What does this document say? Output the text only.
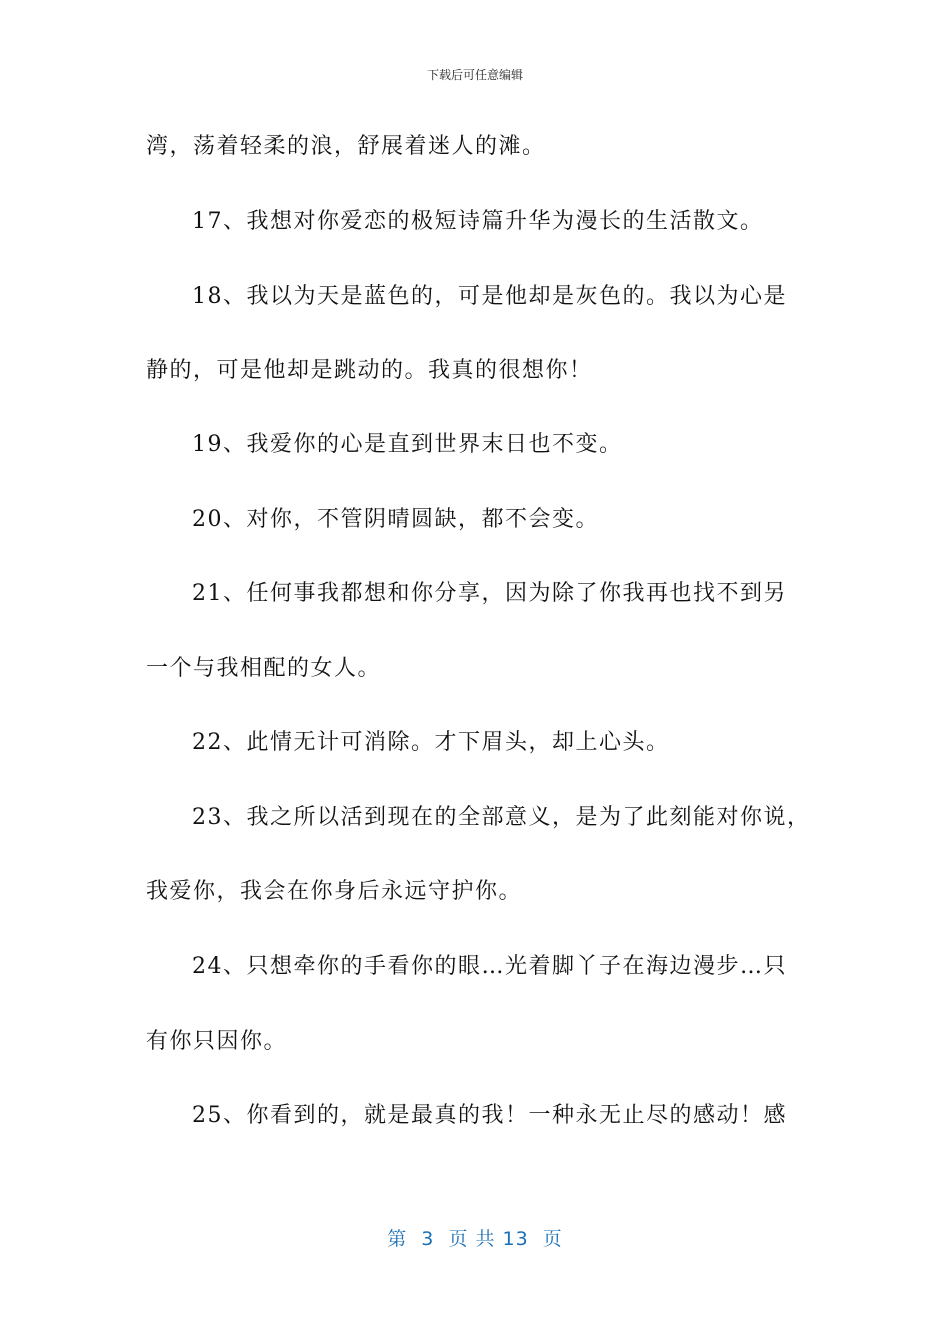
下载后可任意编辑
湾，荡着轻柔的浪，舒展着迷人的滩。
17、我想对你爱恋的极短诗篇升华为漫长的生活散文。
18、我以为天是蓝色的，可是他却是灰色的。我以为心是
静的，可是他却是跳动的。我真的很想你！
19、我爱你的心是直到世界末日也不变。
20、对你，不管阴晴圆缺，都不会变。
21、任何事我都想和你分享，因为除了你我再也找不到另
一个与我相配的女人。
22、此情无计可消除。才下眉头，却上心头。
23、我之所以活到现在的全部意义，是为了此刻能对你说，
我爱你，我会在你身后永远守护你。
24、只想牵你的手看你的眼…光着脚丫子在海边漫步…只
有你只因你。
25、你看到的，就是最真的我！一种永无止尽的感动！感
第  3  页 共 13  页
